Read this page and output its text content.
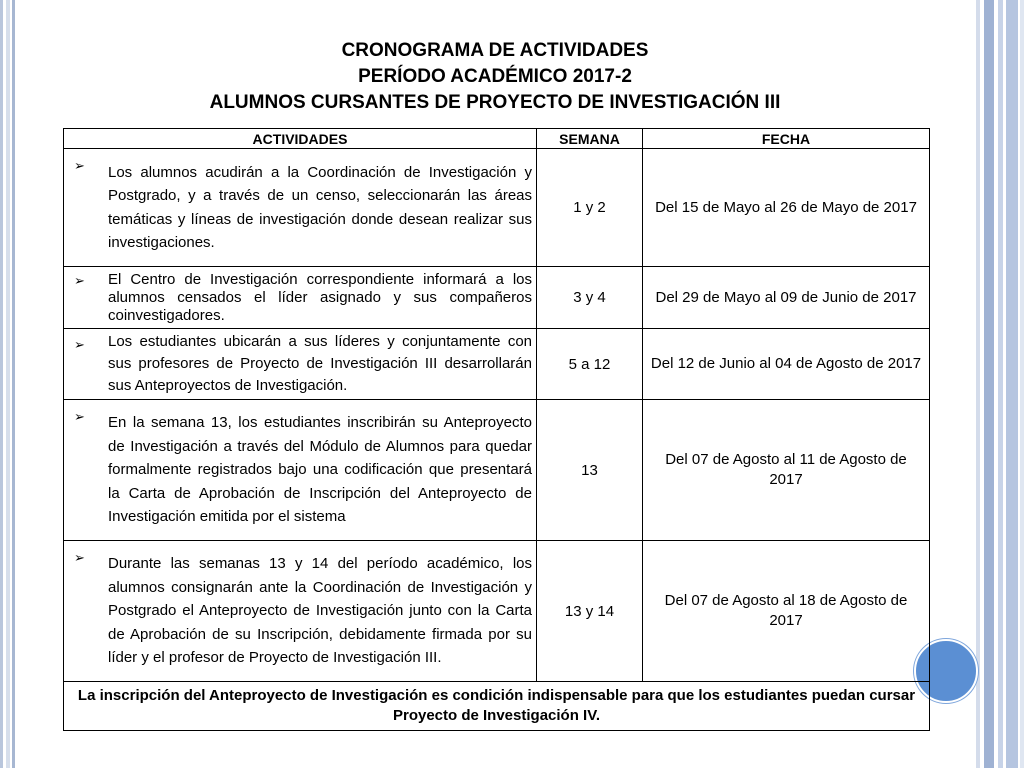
CRONOGRAMA DE ACTIVIDADES
PERÍODO ACADÉMICO 2017-2
ALUMNOS CURSANTES DE PROYECTO DE INVESTIGACIÓN III
ACTIVIDADES	SEMANA	FECHA

➢ Los alumnos acudirán a la Coordinación de Investigación y Postgrado, y a través de un censo, seleccionarán las áreas temáticas y líneas de investigación donde desean realizar sus investigaciones.	1 y 2	Del 15 de Mayo al 26 de Mayo de 2017

➢ El Centro de Investigación correspondiente informará a los alumnos censados el líder asignado y sus compañeros coinvestigadores.	3 y 4	Del 29 de Mayo al 09 de Junio de 2017

➢ Los estudiantes ubicarán a sus líderes y conjuntamente con sus profesores de Proyecto de Investigación III desarrollarán sus Anteproyectos de Investigación.	5 a 12	Del 12 de Junio al 04 de Agosto de 2017

➢ En la semana 13, los estudiantes inscribirán su Anteproyecto de Investigación a través del Módulo de Alumnos para quedar formalmente registrados bajo una codificación que presentará la Carta de Aprobación de Inscripción del Anteproyecto de Investigación emitida por el sistema	13	Del 07 de Agosto al 11 de Agosto de 2017

➢ Durante las semanas 13 y 14 del período académico, los alumnos consignarán ante la Coordinación de Investigación y Postgrado el Anteproyecto de Investigación junto con la Carta de Aprobación de su Inscripción, debidamente firmada por su líder y el profesor de Proyecto de Investigación III.	13 y 14	Del 07 de Agosto al 18 de Agosto de 2017
La inscripción del Anteproyecto de Investigación es condición indispensable para que los estudiantes puedan cursar Proyecto de Investigación IV.		
